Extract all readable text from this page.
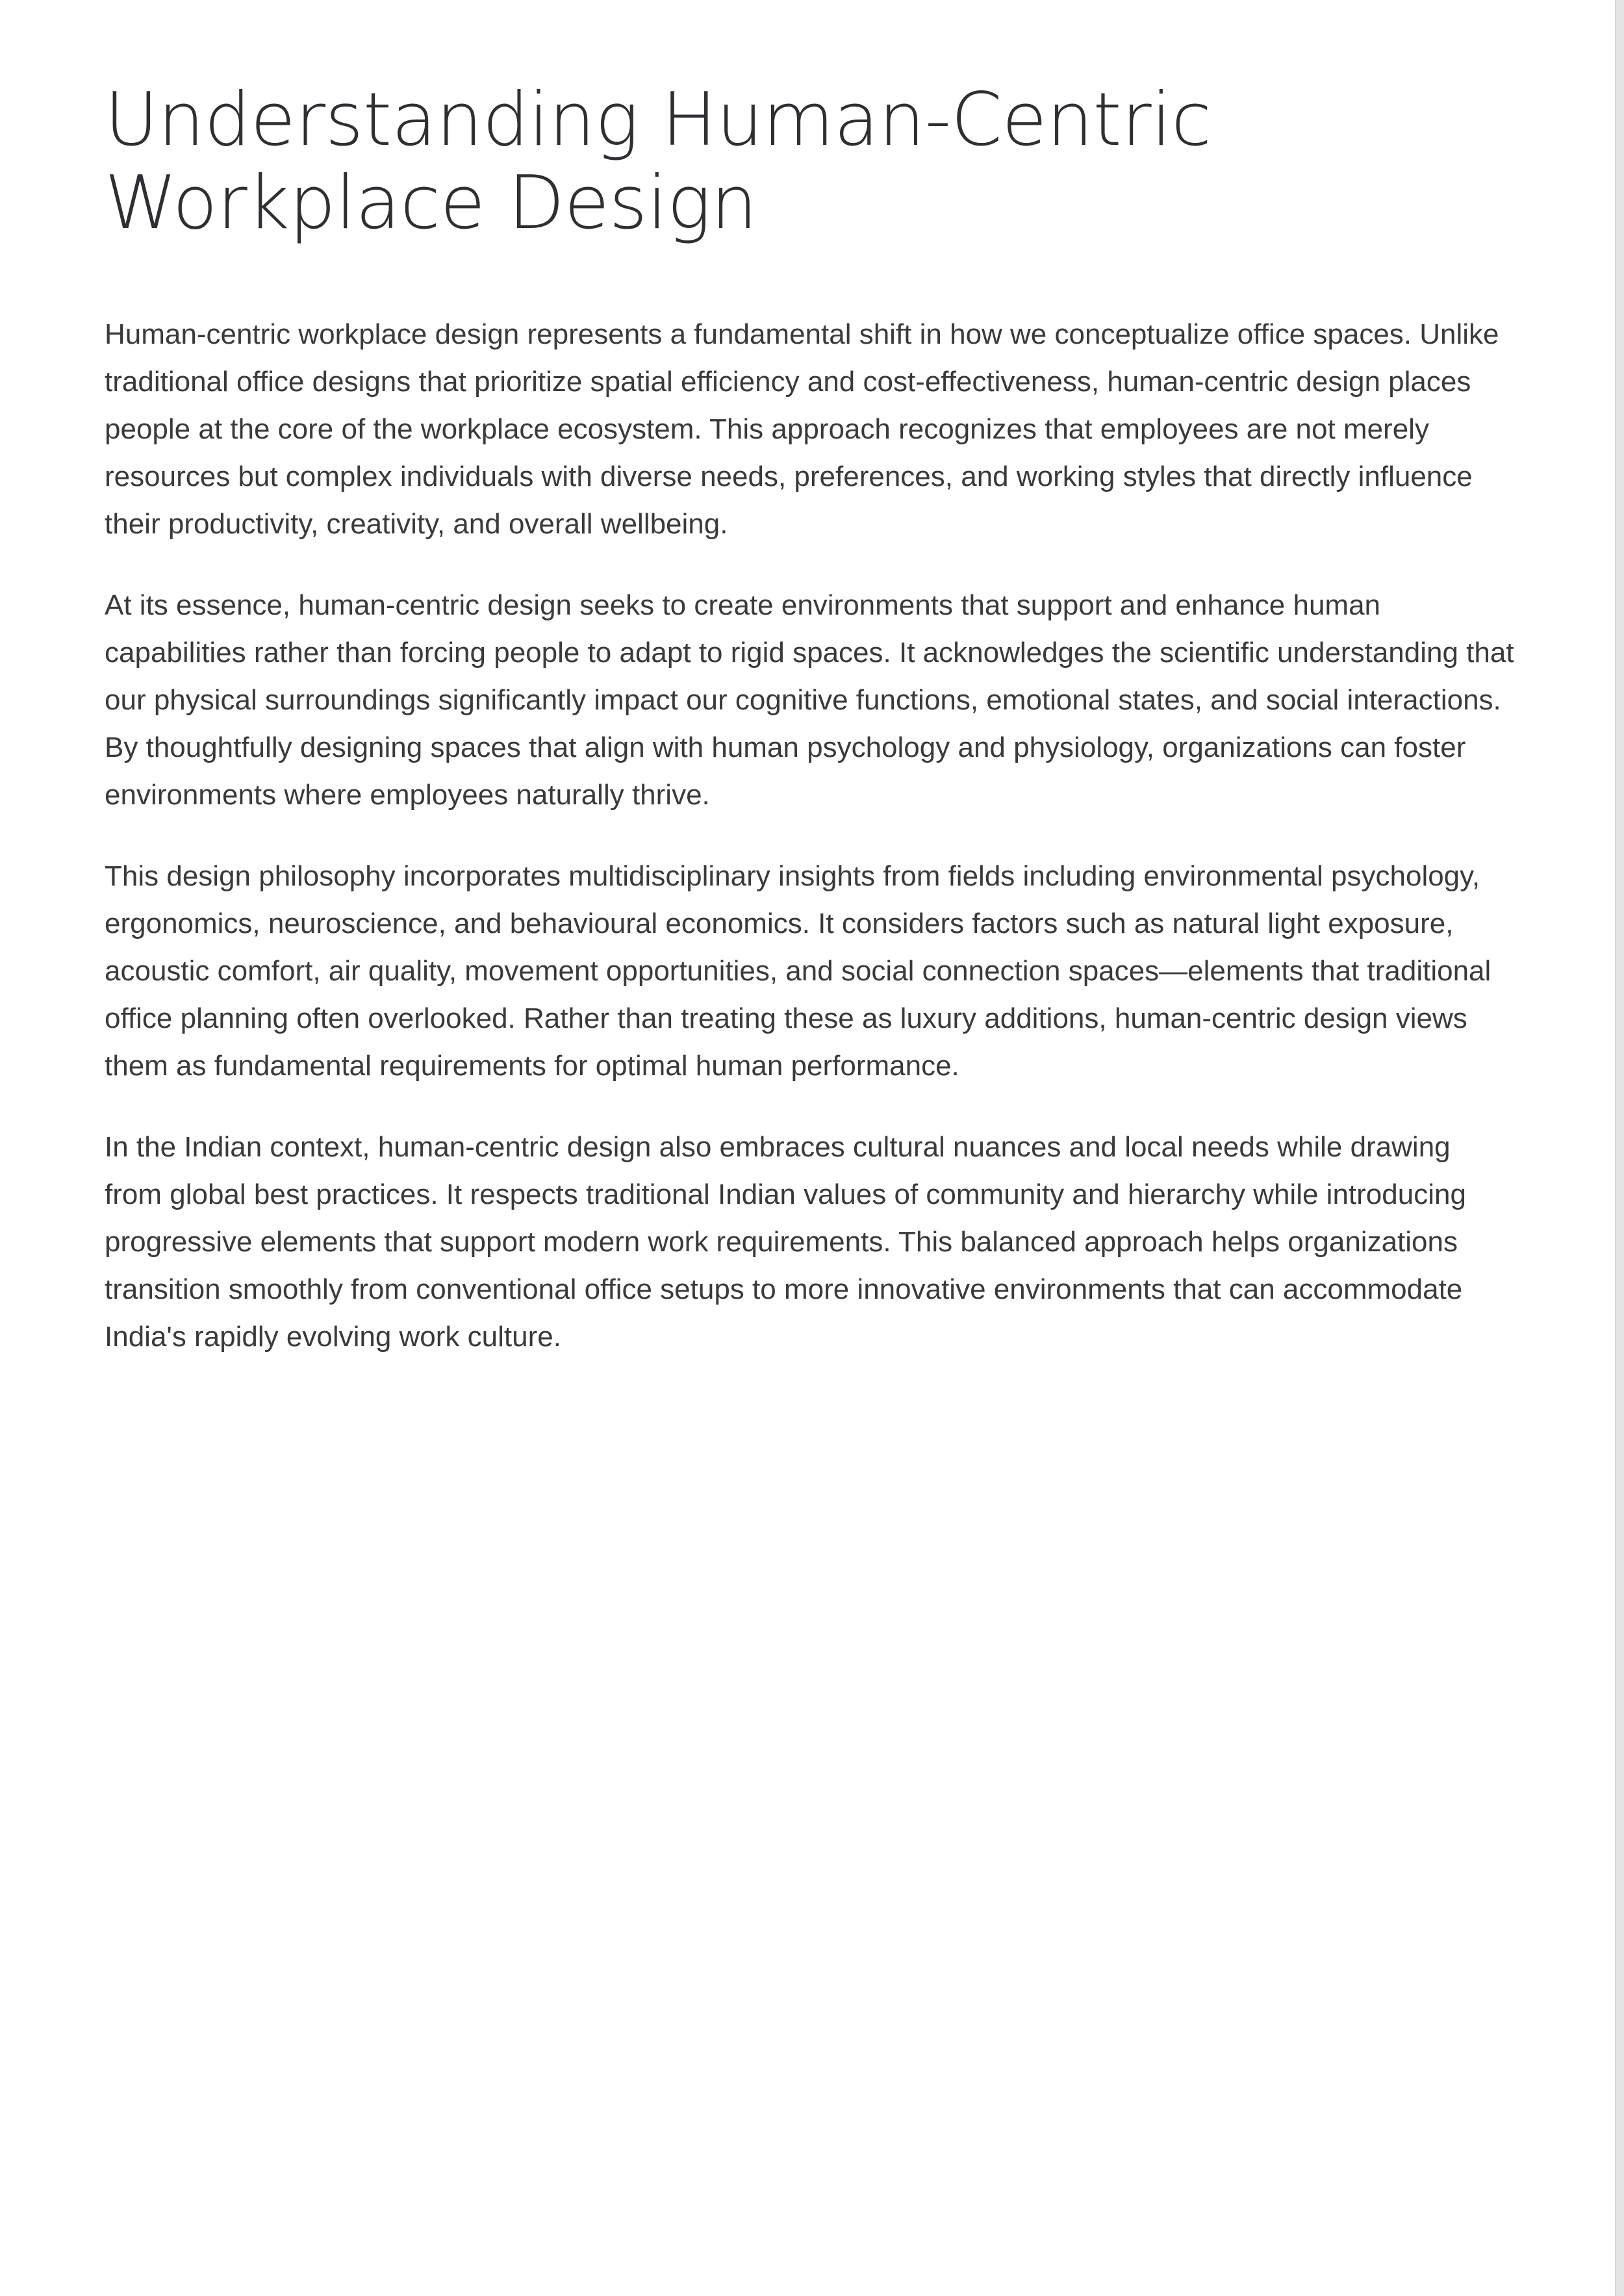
Understanding Human-Centric Workplace Design

Human-centric workplace design represents a fundamental shift in how we conceptualize office spaces. Unlike traditional office designs that prioritize spatial efficiency and cost-effectiveness, human-centric design places people at the core of the workplace ecosystem. This approach recognizes that employees are not merely resources but complex individuals with diverse needs, preferences, and working styles that directly influence their productivity, creativity, and overall wellbeing.

At its essence, human-centric design seeks to create environments that support and enhance human capabilities rather than forcing people to adapt to rigid spaces. It acknowledges the scientific understanding that our physical surroundings significantly impact our cognitive functions, emotional states, and social interactions. By thoughtfully designing spaces that align with human psychology and physiology, organizations can foster environments where employees naturally thrive.

This design philosophy incorporates multidisciplinary insights from fields including environmental psychology, ergonomics, neuroscience, and behavioural economics. It considers factors such as natural light exposure, acoustic comfort, air quality, movement opportunities, and social connection spaces—elements that traditional office planning often overlooked. Rather than treating these as luxury additions, human-centric design views them as fundamental requirements for optimal human performance.

In the Indian context, human-centric design also embraces cultural nuances and local needs while drawing from global best practices. It respects traditional Indian values of community and hierarchy while introducing progressive elements that support modern work requirements. This balanced approach helps organizations transition smoothly from conventional office setups to more innovative environments that can accommodate India's rapidly evolving work culture.
